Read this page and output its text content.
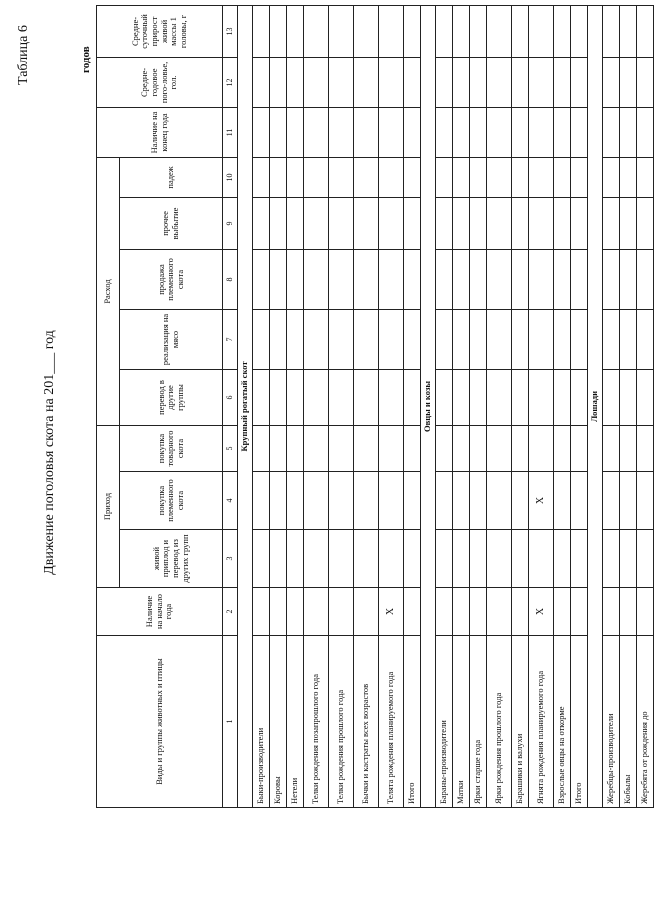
Таблица 6
Движение поголовья скота на 201___ год
годов
Виды и группы животных и птицы	Наличие на начало года	Приход			Расход					Наличие на конец года	Средне-годовое пого-ловье, гол.	Средне-суточный прирост живой массы 1 головы, г
		живой приплод и перевод из других групп	покупка племенного скота	покупка товарного скота	перевод в другие группы	реализация на мясо	продажа племенного скота	прочее выбытие	падеж			
1	2	3	4	5	6	7	8	9	10	11	12	13
Крупный рогатый скот												
Быки-производители												
Коровы												
Нетели												
Телки рождения позапрошлого года												
Телки рождения прошлого года												
Бычки и кастраты всех возрастов												
Телята рождения планируемого года	X											
Итого												
Овцы и козы												
Бараны-производители												
Матки												
Ярки старше года												
Ярки рождения прошлого года												
Барашики и валухи												
Ягнята рождения планируемого года	X		X									
Взрослые овцы на откорме												
Итого												
Лошади												
Жеребцы-производители												
Кобылы												
Жеребята от рождения до												
